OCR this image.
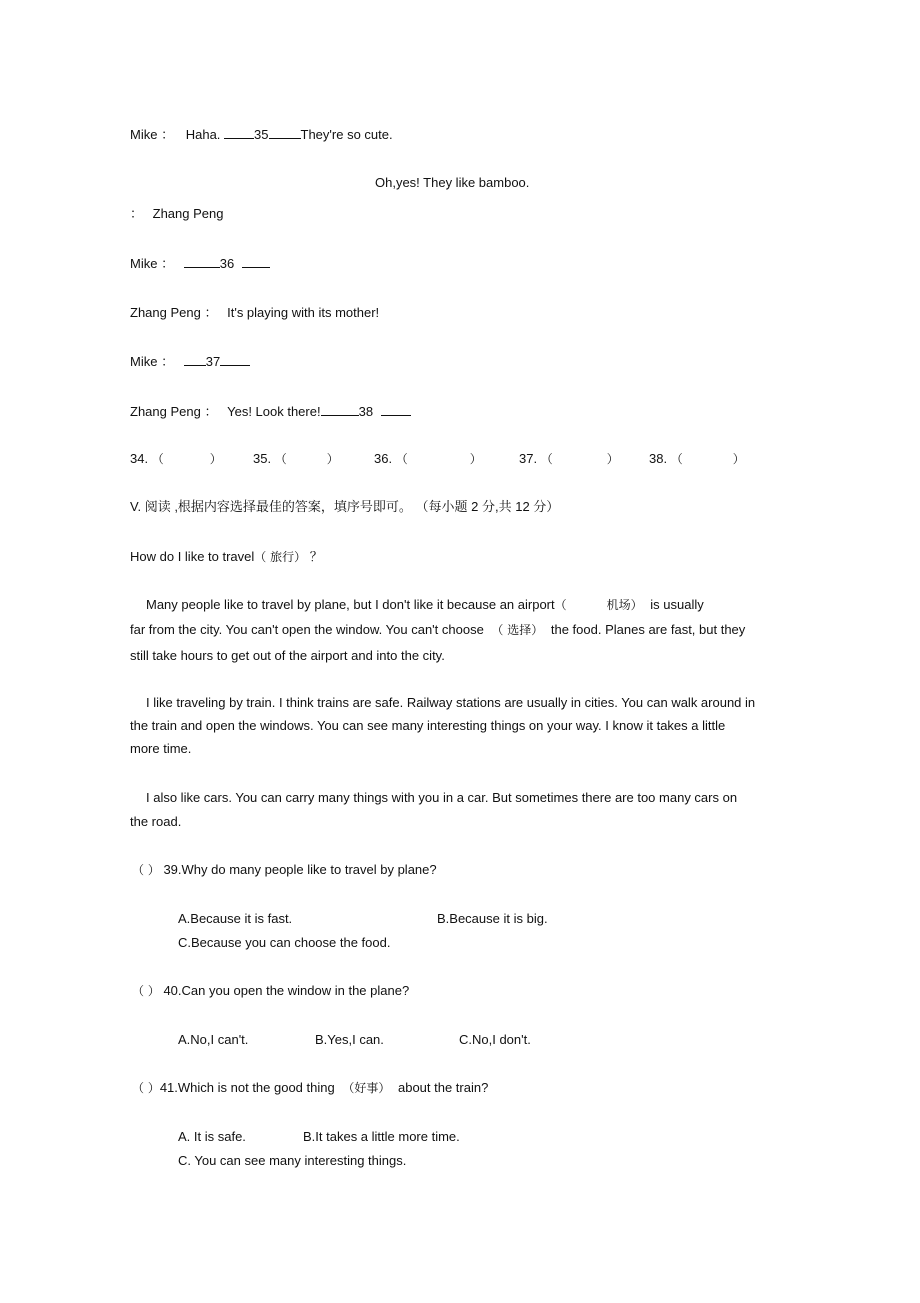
Mike ： Haha.	35 They're so cute.
Oh,yes! They like bamboo.
： Zhang Peng
Mike ：	36
Zhang Peng ： It's playing with its mother!
Mike ： 37
Zhang Peng ： Yes! Look there!	38
34. （	） 35. （	）	36. （	）	37. （	） 38. （	）
V. 阅读 ,根据内容选择最佳的答案，填序号即可。 （每小题 2 分,共 12 分）
How do I like to travel（ 旅行） ？
Many people like to travel by plane, but I don't like it because an airport（	机场） is usually
far from the city. You can't open the window. You can't choose （ 选择） the food. Planes are fast, but they
still take hours to get out of the airport and into the city.
I like traveling by train. I think trains are safe. Railway stations are usually in cities. You can walk around in
the train and open the windows. You can see many interesting things on your way. I know it takes a little
more time.
I also like cars. You can carry many things with you in a car. But sometimes there are too many cars on
the road.
（ ） 39.Why do many people like to travel by plane?
A.Because it is fast.	B.Because it is big.
C.Because you can choose the food.
（ ） 40.Can you open the window in the plane?
A.No,I can't.	B.Yes,I can.	C.No,I don't.
（ ）41.Which is not the good thing （好事） about the train?
A. It is safe.	B.It takes a little more time.
C. You can see many interesting things.
